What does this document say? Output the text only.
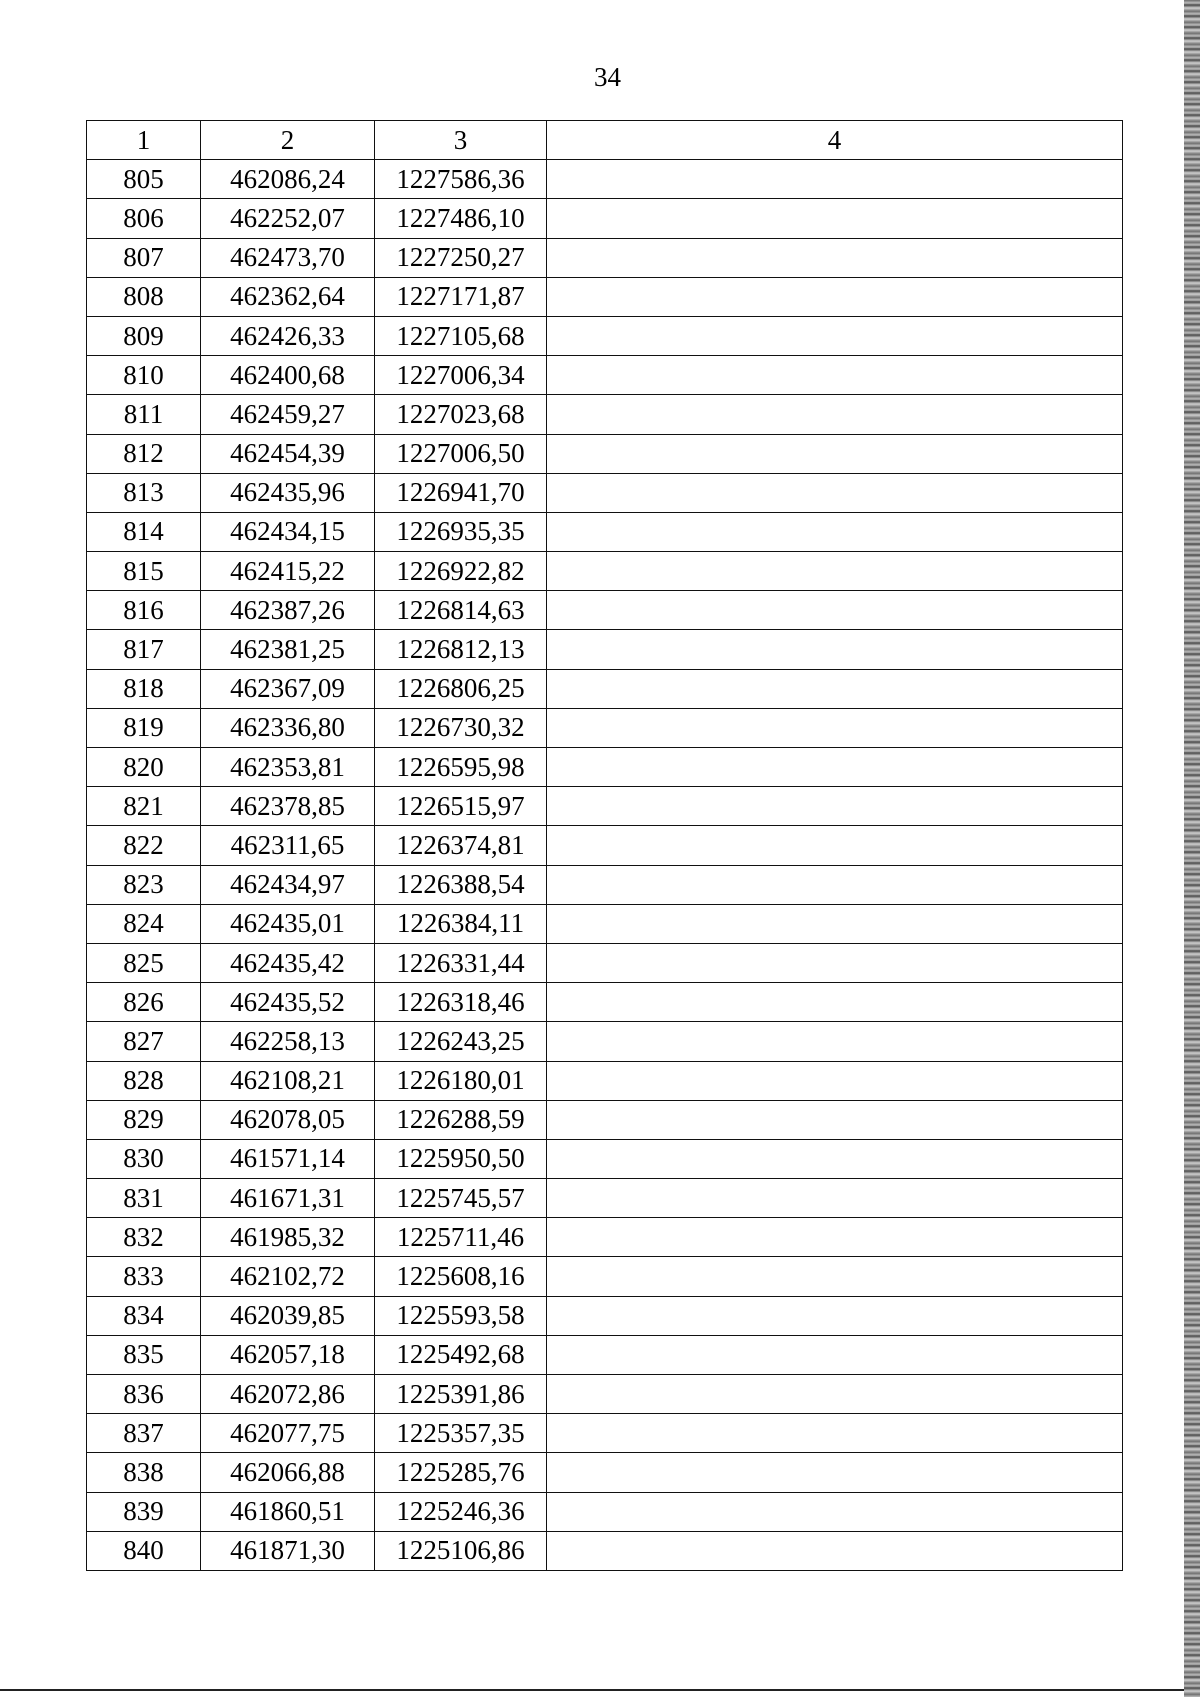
34
1	2	3	4
805	462086,24	1227586,36	
806	462252,07	1227486,10	
807	462473,70	1227250,27	
808	462362,64	1227171,87	
809	462426,33	1227105,68	
810	462400,68	1227006,34	
811	462459,27	1227023,68	
812	462454,39	1227006,50	
813	462435,96	1226941,70	
814	462434,15	1226935,35	
815	462415,22	1226922,82	
816	462387,26	1226814,63	
817	462381,25	1226812,13	
818	462367,09	1226806,25	
819	462336,80	1226730,32	
820	462353,81	1226595,98	
821	462378,85	1226515,97	
822	462311,65	1226374,81	
823	462434,97	1226388,54	
824	462435,01	1226384,11	
825	462435,42	1226331,44	
826	462435,52	1226318,46	
827	462258,13	1226243,25	
828	462108,21	1226180,01	
829	462078,05	1226288,59	
830	461571,14	1225950,50	
831	461671,31	1225745,57	
832	461985,32	1225711,46	
833	462102,72	1225608,16	
834	462039,85	1225593,58	
835	462057,18	1225492,68	
836	462072,86	1225391,86	
837	462077,75	1225357,35	
838	462066,88	1225285,76	
839	461860,51	1225246,36	
840	461871,30	1225106,86	
